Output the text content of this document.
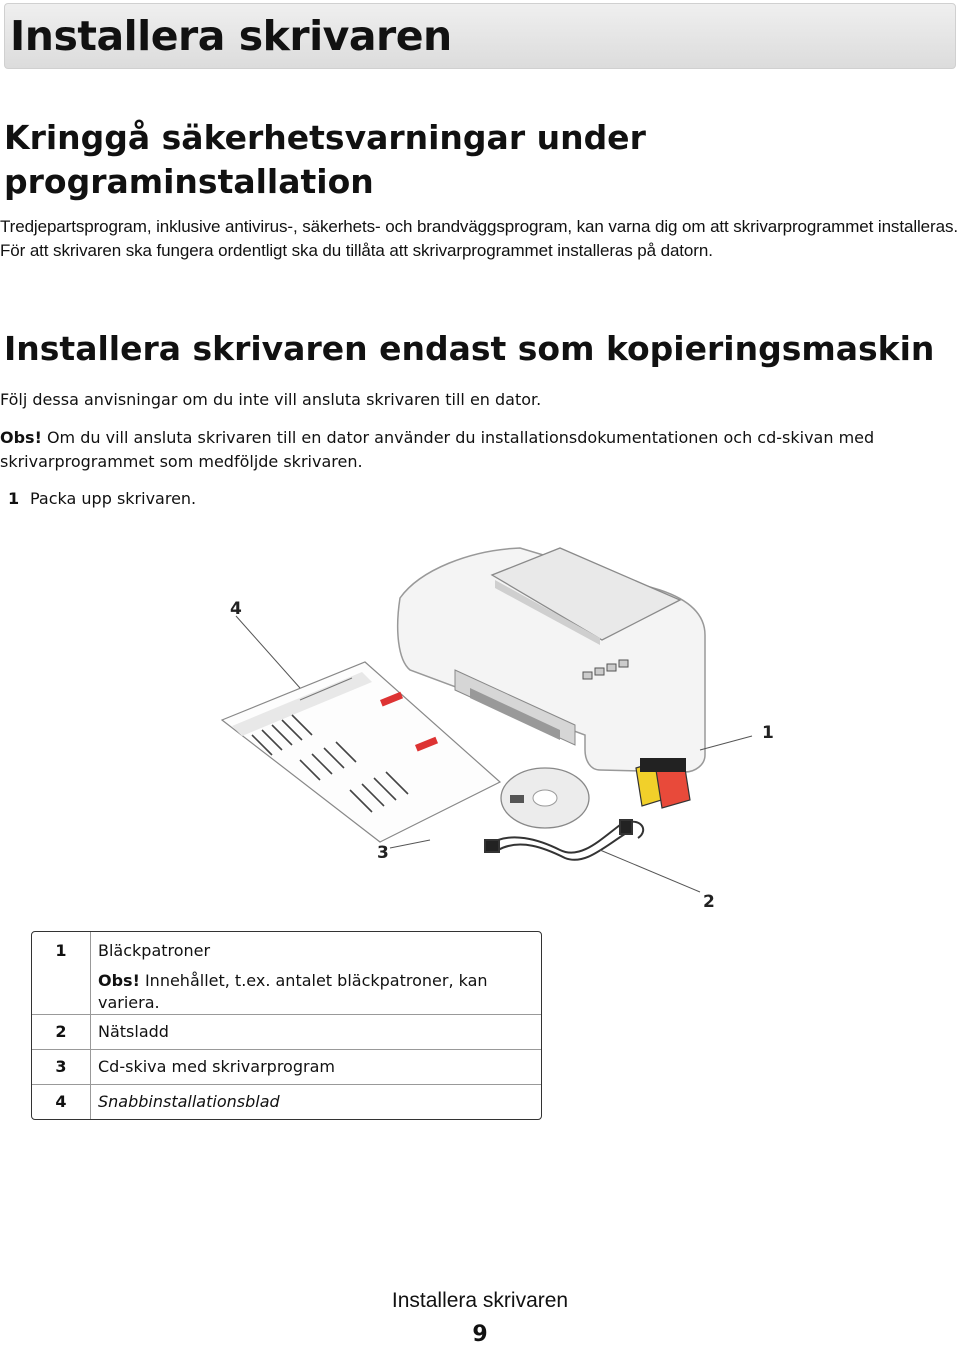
Installera skrivaren
Kringgå säkerhetsvarningar under programinstallation

Tredjepartsprogram, inklusive antivirus-, säkerhets- och brandväggsprogram, kan varna dig om att skrivarprogrammet installeras. För att skrivaren ska fungera ordentligt ska du tillåta att skrivarprogrammet installeras på datorn.

Installera skrivaren endast som kopieringsmaskin

Följ dessa anvisningar om du inte vill ansluta skrivaren till en dator.

Obs! Om du vill ansluta skrivaren till en dator använder du installationsdokumentationen och cd-skivan med skrivarprogrammet som medföljde skrivaren.

1 Packa upp skrivaren.

4
1
3
2
1	Bläckpatroner
Obs! Innehållet, t.ex. antalet bläckpatroner, kan variera.

2	Nätsladd
3	Cd-skiva med skrivarprogram
4	Snabbinstallationsblad
Installera skrivaren
9
